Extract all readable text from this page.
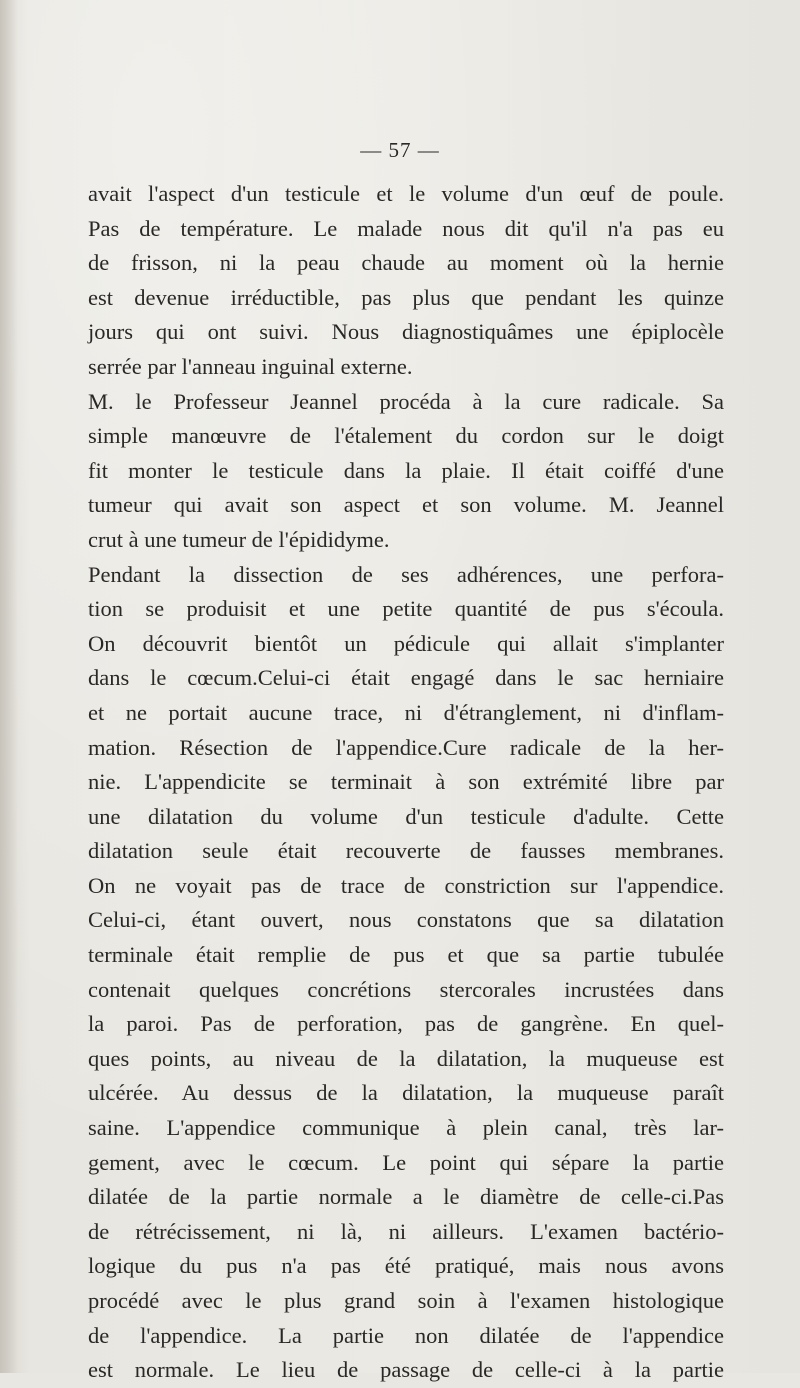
— 57 —
avait l'aspect d'un testicule et le volume d'un œuf de poule.
Pas de température. Le malade nous dit qu'il n'a pas eu
de frisson, ni la peau chaude au moment où la hernie
est devenue irréductible, pas plus que pendant les quinze
jours qui ont suivi. Nous diagnostiquâmes une épiplocèle
serrée par l'anneau inguinal externe.
M. le Professeur Jeannel procéda à la cure radicale. Sa
simple manœuvre de l'étalement du cordon sur le doigt
fit monter le testicule dans la plaie. Il était coiffé d'une
tumeur qui avait son aspect et son volume. M. Jeannel
crut à une tumeur de l'épididyme.
Pendant la dissection de ses adhérences, une perfora-
tion se produisit et une petite quantité de pus s'écoula.
On découvrit bientôt un pédicule qui allait s'implanter
dans le cœcum.Celui-ci était engagé dans le sac herniaire
et ne portait aucune trace, ni d'étranglement, ni d'inflam-
mation. Résection de l'appendice.Cure radicale de la her-
nie. L'appendicite se terminait à son extrémité libre par
une dilatation du volume d'un testicule d'adulte. Cette
dilatation seule était recouverte de fausses membranes.
On ne voyait pas de trace de constriction sur l'appendice.
Celui-ci, étant ouvert, nous constatons que sa dilatation
terminale était remplie de pus et que sa partie tubulée
contenait quelques concrétions stercorales incrustées dans
la paroi. Pas de perforation, pas de gangrène. En quel-
ques points, au niveau de la dilatation, la muqueuse est
ulcérée. Au dessus de la dilatation, la muqueuse paraît
saine. L'appendice communique à plein canal, très lar-
gement, avec le cœcum. Le point qui sépare la partie
dilatée de la partie normale a le diamètre de celle-ci.Pas
de rétrécissement, ni là, ni ailleurs. L'examen bactério-
logique du pus n'a pas été pratiqué, mais nous avons
procédé avec le plus grand soin à l'examen histologique
de l'appendice. La partie non dilatée de l'appendice
est normale. Le lieu de passage de celle-ci à la partie
